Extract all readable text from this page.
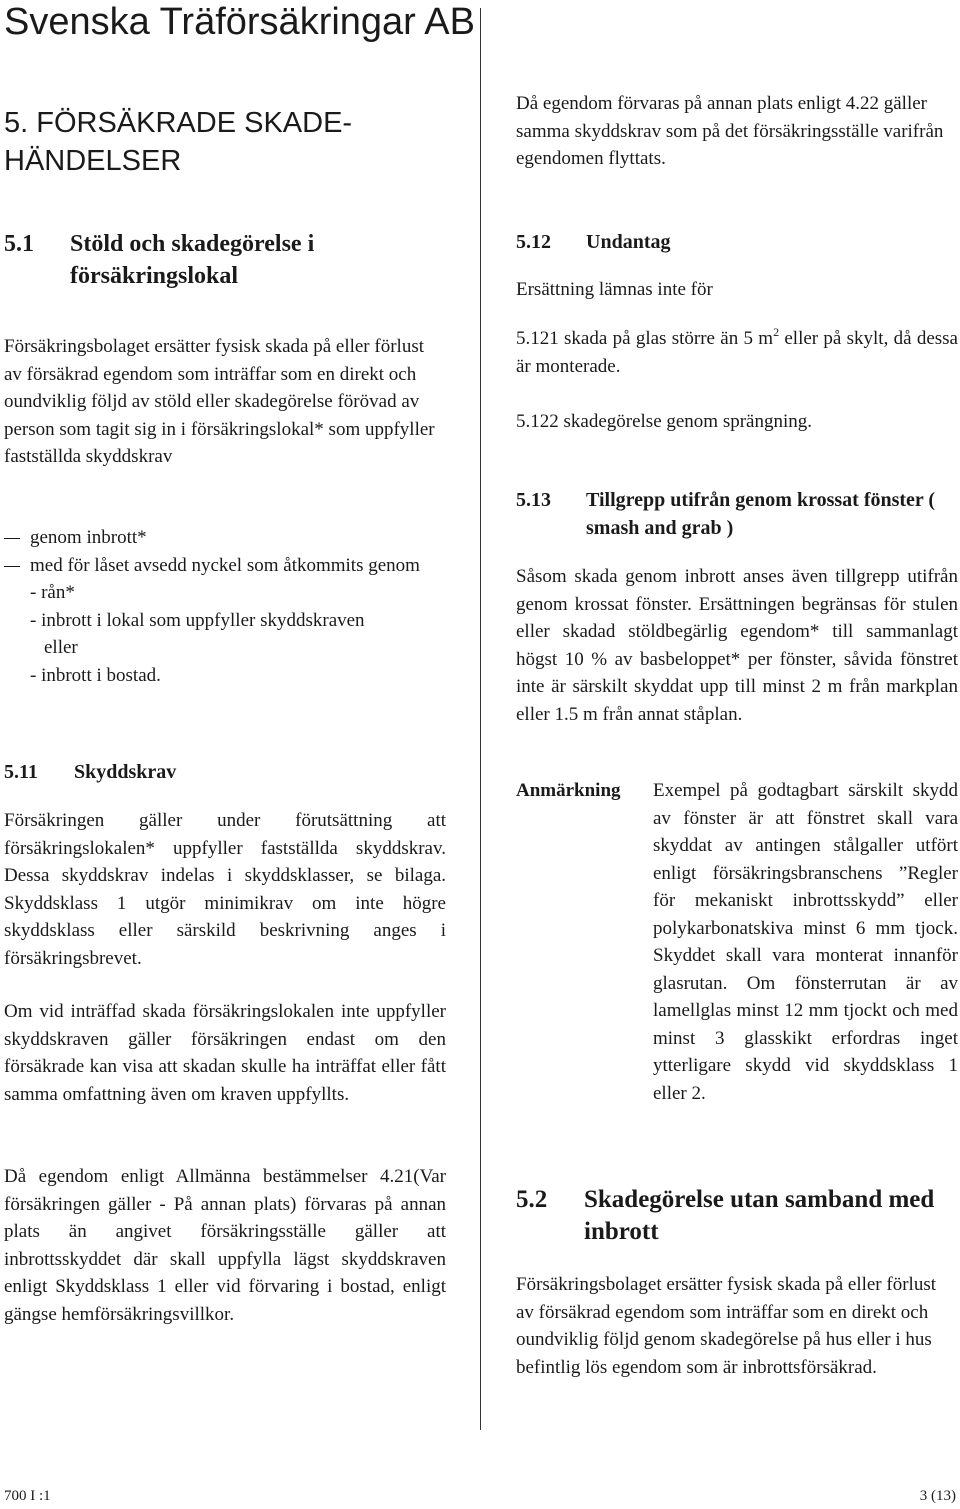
Svenska Träförsäkringar AB
5. FÖRSÄKRADE SKADE-HÄNDELSER
5.1	Stöld och skadegörelse i försäkringslokal

Försäkringsbolaget ersätter fysisk skada på eller förlust av försäkrad egendom som inträffar som en direkt och oundviklig följd av stöld eller skadegörelse förövad av person som tagit sig in i försäkringslokal* som uppfyller fastställda skyddskrav

genom inbrott*
med för låset avsedd nyckel som åtkommits genom
- rån*
- inbrott i lokal som uppfyller skyddskraven
eller
- inbrott i bostad.
5.11	Skyddskrav

Försäkringen gäller under förutsättning att försäkringslokalen* uppfyller fastställda skyddskrav. Dessa skyddskrav indelas i skyddsklasser, se bilaga. Skyddsklass 1 utgör minimikrav om inte högre skyddsklass eller särskild beskrivning anges i försäkringsbrevet.

Om vid inträffad skada försäkringslokalen inte uppfyller skyddskraven gäller försäkringen endast om den försäkrade kan visa att skadan skulle ha inträffat eller fått samma omfattning även om kraven uppfyllts.

Då egendom enligt Allmänna bestämmelser 4.21(Var försäkringen gäller - På annan plats) förvaras på annan plats än angivet försäkringsställe gäller att inbrottsskyddet där skall uppfylla lägst skyddskraven enligt Skyddsklass 1 eller vid förvaring i bostad, enligt gängse hemförsäkringsvillkor.

Då egendom förvaras på annan plats enligt 4.22 gäller samma skyddskrav som på det försäkringsställe varifrån egendomen flyttats.

5.12	Undantag

Ersättning lämnas inte för

5.121 skada på glas större än 5 $m^2$ eller på skylt, då dessa är monterade.

5.122 skadegörelse genom sprängning.

5.13	Tillgrepp utifrån genom krossat fönster ( smash and grab )

Såsom skada genom inbrott anses även tillgrepp utifrån genom krossat fönster. Ersättningen begränsas för stulen eller skadad stöldbegärlig egendom* till sammanlagt högst 10 % av basbeloppet* per fönster, såvida fönstret inte är särskilt skyddat upp till minst 2 m från markplan eller 1.5 m från annat ståplan.

Anmärkning	Exempel på godtagbart särskilt skydd av fönster är att fönstret skall vara skyddat av antingen stålgaller utfört enligt försäkringsbranschens ”Regler för mekaniskt inbrottsskydd” eller polykarbonatskiva minst 6 mm tjock. Skyddet skall vara monterat innanför glasrutan. Om fönsterrutan är av lamellglas minst 12 mm tjockt och med minst 3 glasskikt erfordras inget ytterligare skydd vid skyddsklass 1 eller 2.
5.2	Skadegörelse utan samband med inbrott

Försäkringsbolaget ersätter fysisk skada på eller förlust av försäkrad egendom som inträffar som en direkt och oundviklig följd genom skadegörelse på hus eller i hus befintlig lös egendom som är inbrottsförsäkrad.

700 I :1	3 (13)
